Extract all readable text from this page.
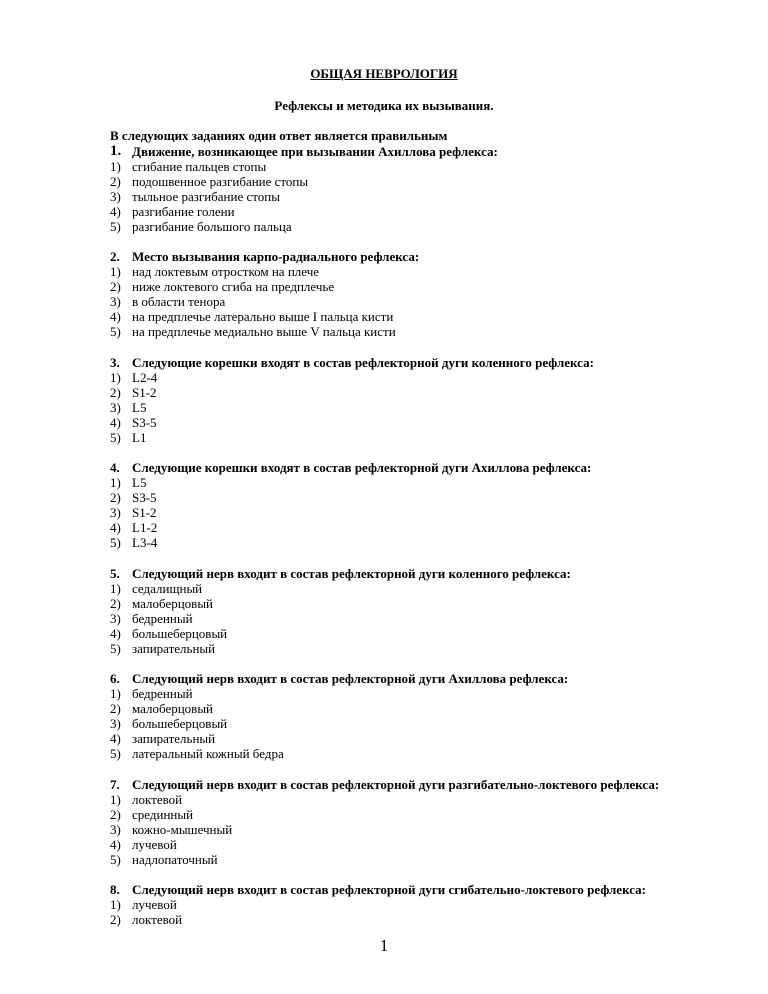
ОБЩАЯ НЕВРОЛОГИЯ
Рефлексы и методика их вызывания.
В следующих заданиях один ответ является правильным
1. Движение, возникающее при вызывании Ахиллова рефлекса:
1) сгибание пальцев стопы
2) подошвенное разгибание стопы
3) тыльное разгибание стопы
4) разгибание голени
5) разгибание большого пальца
2. Место вызывания карпо-радиального рефлекса:
1) над локтевым отростком на плече
2) ниже локтевого сгиба на предплечье
3) в области тенора
4) на предплечье латерально выше I пальца кисти
5) на предплечье медиально выше V пальца кисти
3. Следующие корешки входят в состав рефлекторной дуги коленного рефлекса:
1) L2-4
2) S1-2
3) L5
4) S3-5
5) L1
4. Следующие корешки входят в состав рефлекторной дуги Ахиллова рефлекса:
1) L5
2) S3-5
3) S1-2
4) L1-2
5) L3-4
5. Следующий нерв входит в состав рефлекторной дуги коленного рефлекса:
1) седалищный
2) малоберцовый
3) бедренный
4) большеберцовый
5) запирательный
6. Следующий нерв входит в состав рефлекторной дуги Ахиллова рефлекса:
1) бедренный
2) малоберцовый
3) большеберцовый
4) запирательный
5) латеральный кожный бедра
7. Следующий нерв входит в состав рефлекторной дуги разгибательно-локтевого рефлекса:
1) локтевой
2) срединный
3) кожно-мышечный
4) лучевой
5) надлопаточный
8. Следующий нерв входит в состав рефлекторной дуги сгибательно-локтевого рефлекса:
1) лучевой
2) локтевой
1
